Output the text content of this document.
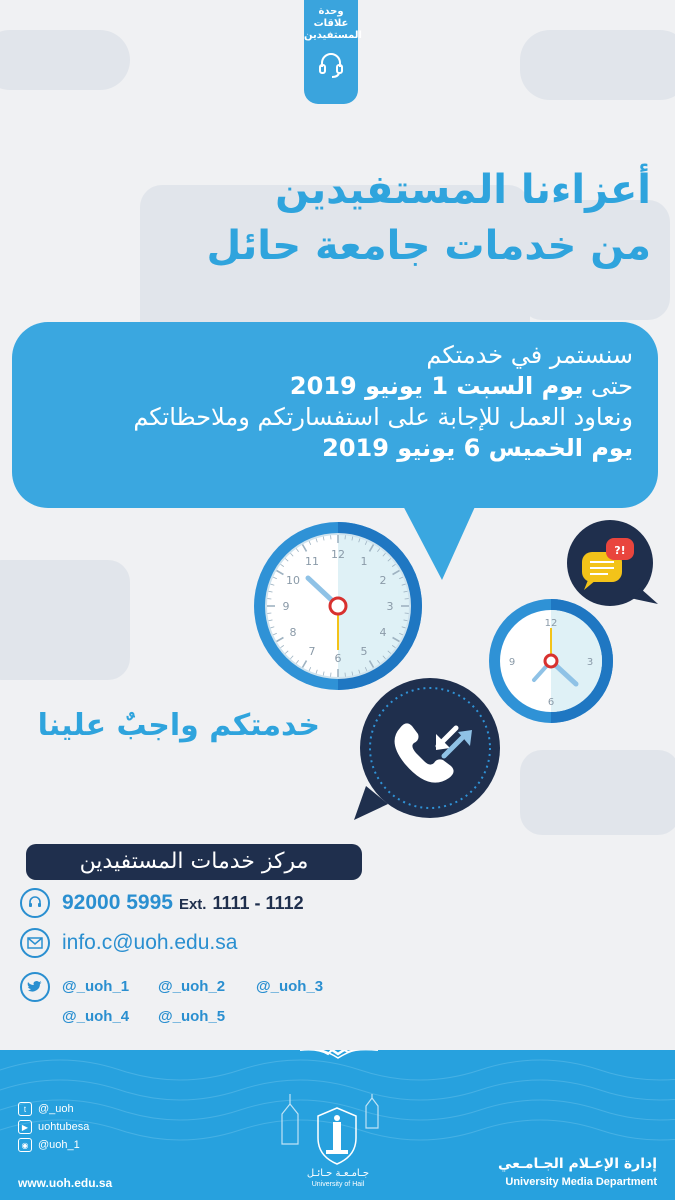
وحدة
علاقات
المستفيدين
أعزاءنا المستفيدين
من خدمات جامعة حائل
سنستمر في خدمتكم
حتى يوم السبت 1 يونيو 2019
ونعاود العمل للإجابة على استفسارتكم وملاحظاتكم
يوم الخميس 6 يونيو 2019
12
1
2
3
4
5
6
7
8
9
10
11
12
3
6
9
?!
خدمتكم واجبٌ علينا
مركز خدمات المستفيدين
92000 5995 Ext. 1111 - 1112
info.c@uoh.edu.sa
@_uoh_1 @_uoh_2 @_uoh_3
@_uoh_4 @_uoh_5
t	@_uoh
▶ uohtubesa
◉ @uoh_1
www.uoh.edu.sa
جـامـعـة حـائـل
University of Hail
إدارة الإعـلام الجـامـعي
University Media Department
